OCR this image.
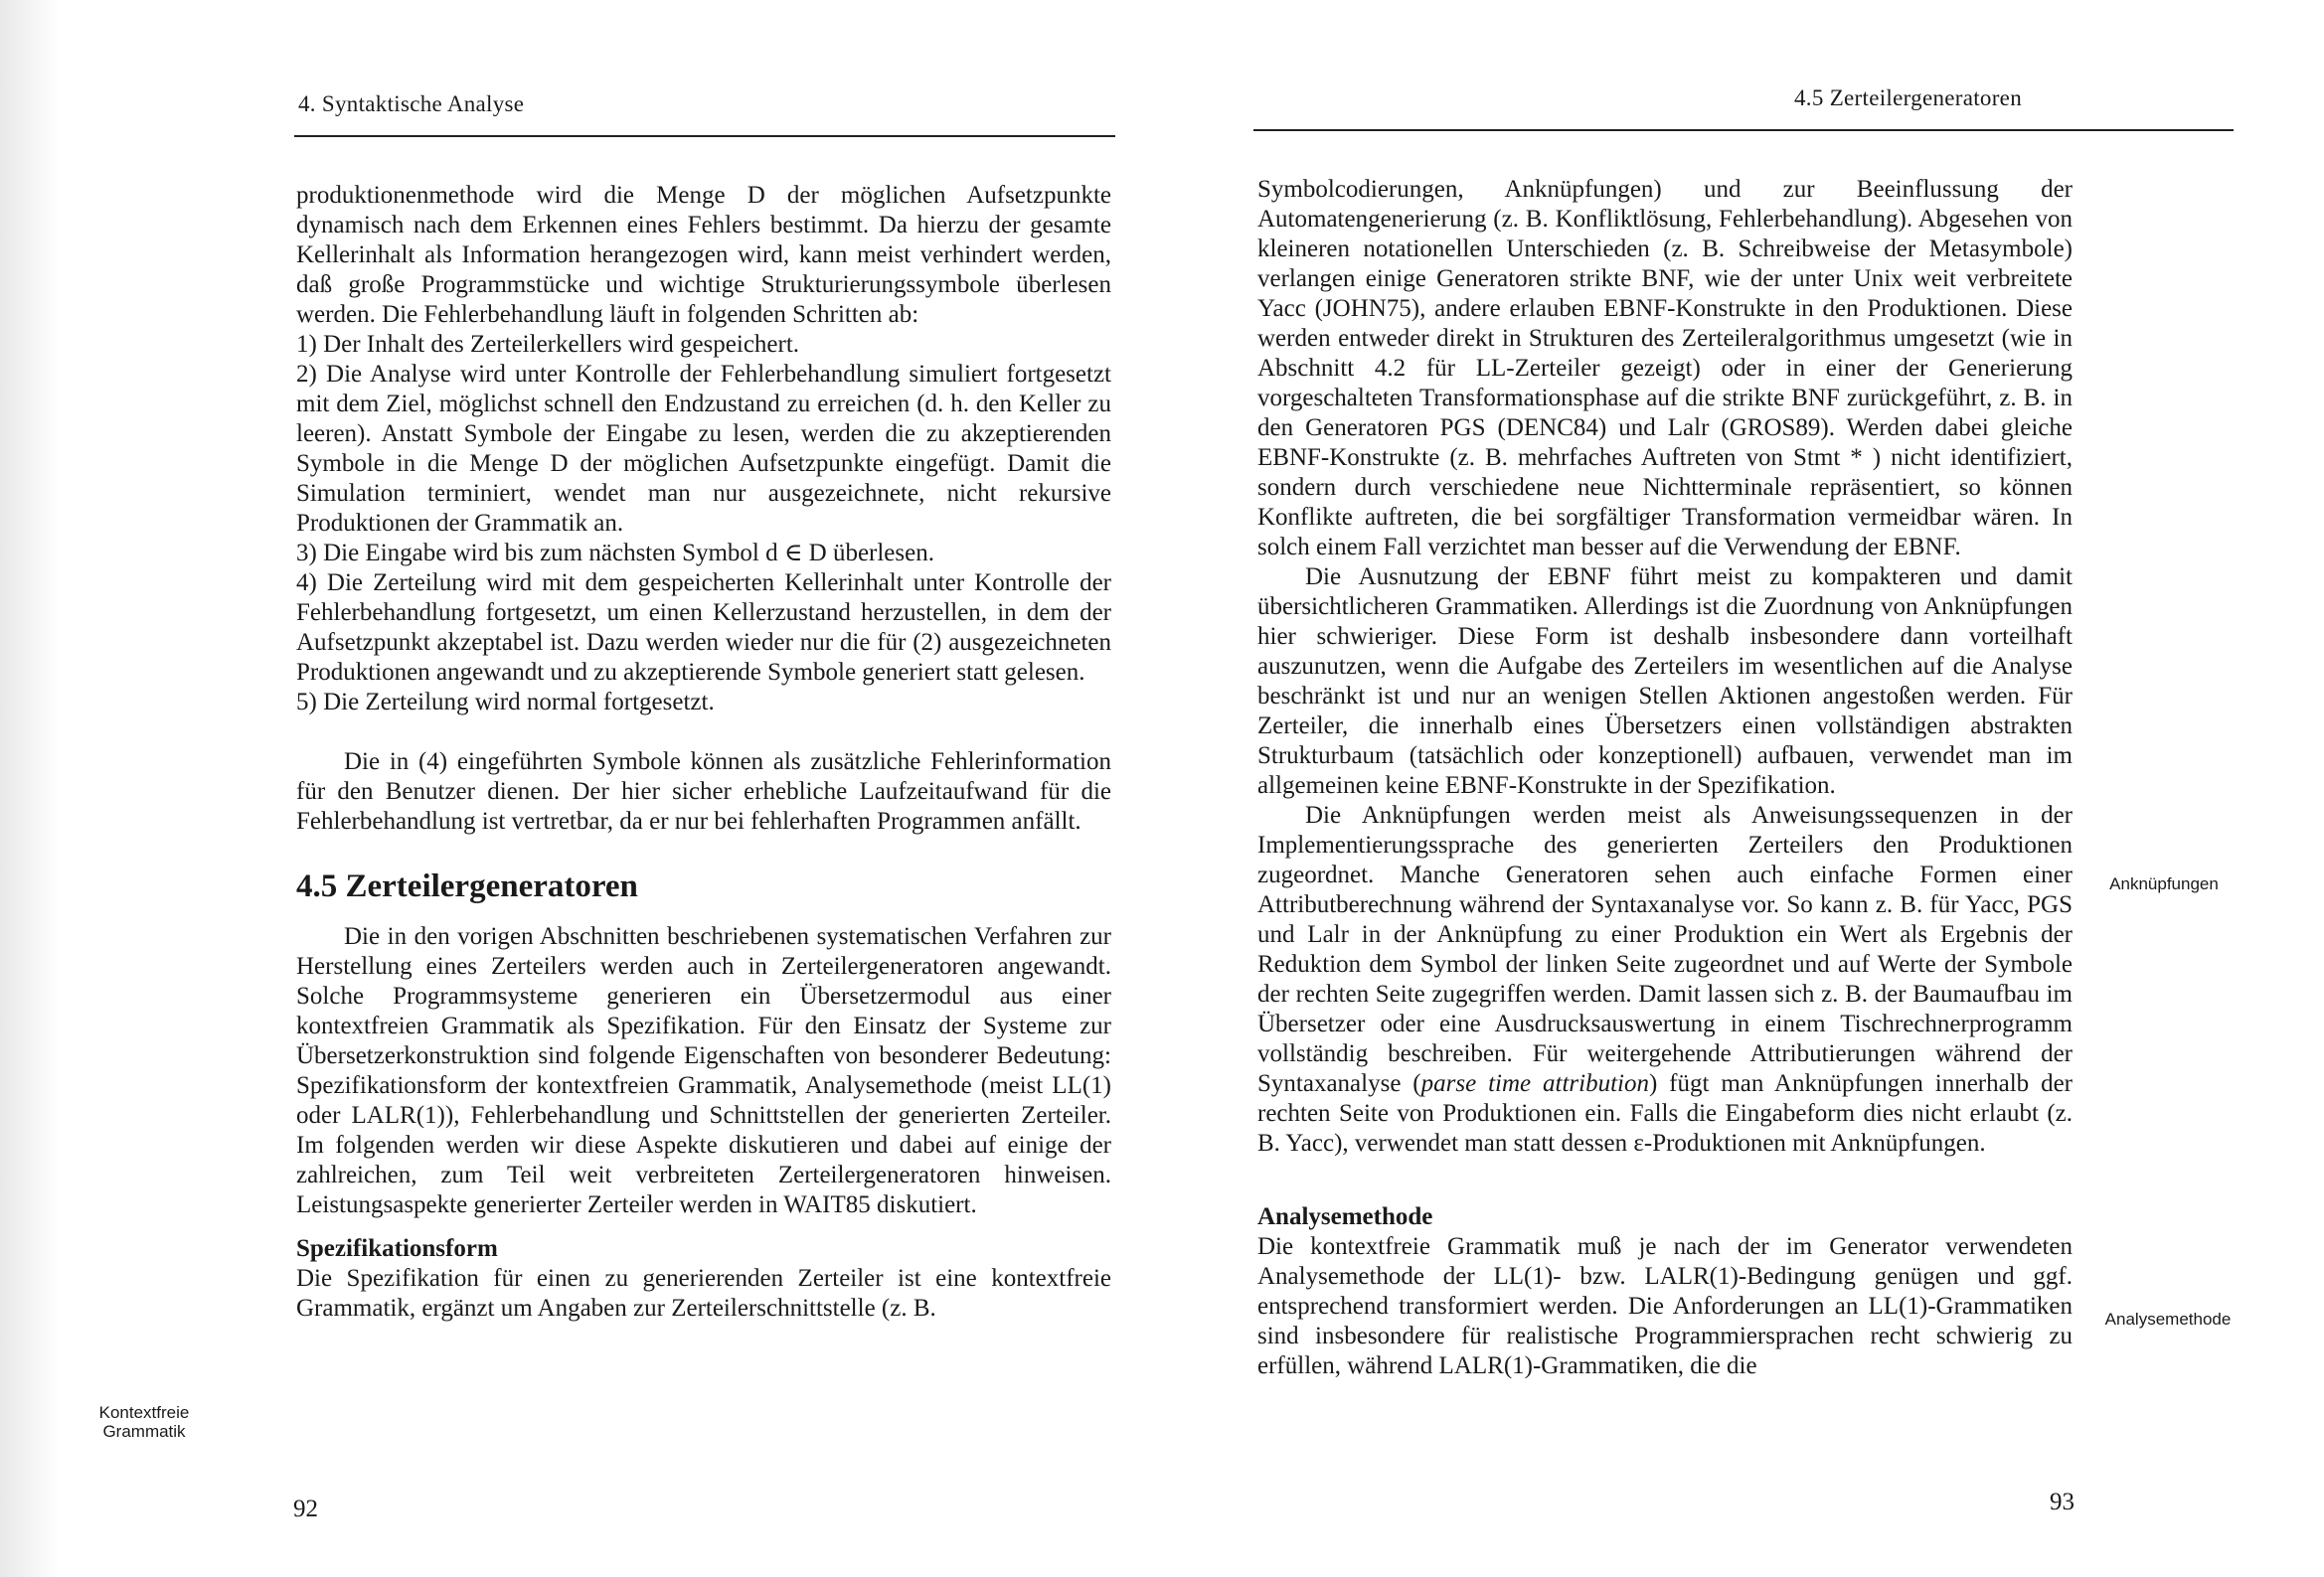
4. Syntaktische Analyse

produktionenmethode wird die Menge D der möglichen Aufsetzpunkte dynamisch nach dem Erkennen eines Fehlers bestimmt. Da hierzu der gesamte Kellerinhalt als Information herangezogen wird, kann meist verhindert werden, daß große Programmstücke und wichtige Strukturierungssymbole überlesen werden. Die Fehlerbehandlung läuft in folgenden Schritten ab:

1) Der Inhalt des Zerteilerkellers wird gespeichert.

2) Die Analyse wird unter Kontrolle der Fehlerbehandlung simuliert fortgesetzt mit dem Ziel, möglichst schnell den Endzustand zu erreichen (d. h. den Keller zu leeren). Anstatt Symbole der Eingabe zu lesen, werden die zu akzeptierenden Symbole in die Menge D der möglichen Aufsetzpunkte eingefügt. Damit die Simulation terminiert, wendet man nur ausgezeichnete, nicht rekursive Produktionen der Grammatik an.

3) Die Eingabe wird bis zum nächsten Symbol d ∈ D überlesen.

4) Die Zerteilung wird mit dem gespeicherten Kellerinhalt unter Kontrolle der Fehlerbehandlung fortgesetzt, um einen Kellerzustand herzustellen, in dem der Aufsetzpunkt akzeptabel ist. Dazu werden wieder nur die für (2) ausgezeichneten Produktionen angewandt und zu akzeptierende Symbole generiert statt gelesen.

5) Die Zerteilung wird normal fortgesetzt.

Die in (4) eingeführten Symbole können als zusätzliche Fehlerinformation für den Benutzer dienen. Der hier sicher erhebliche Laufzeitaufwand für die Fehlerbehandlung ist vertretbar, da er nur bei fehlerhaften Programmen anfällt.

4.5 Zerteilergeneratoren

Die in den vorigen Abschnitten beschriebenen systematischen Verfahren zur Herstellung eines Zerteilers werden auch in Zerteilergeneratoren angewandt. Solche Programmsysteme generieren ein Übersetzermodul aus einer kontextfreien Grammatik als Spezifikation. Für den Einsatz der Systeme zur Übersetzerkonstruktion sind folgende Eigenschaften von besonderer Bedeutung: Spezifikationsform der kontextfreien Grammatik, Analysemethode (meist LL(1) oder LALR(1)), Fehlerbehandlung und Schnittstellen der generierten Zerteiler. Im folgenden werden wir diese Aspekte diskutieren und dabei auf einige der zahlreichen, zum Teil weit verbreiteten Zerteilergeneratoren hinweisen. Leistungsaspekte generierter Zerteiler werden in WAIT85 diskutiert.

Spezifikationsform

Die Spezifikation für einen zu generierenden Zerteiler ist eine kontextfreie Grammatik, ergänzt um Angaben zur Zerteilerschnittstelle (z. B.

Kontextfreie Grammatik
92
4.5 Zerteilergeneratoren

Symbolcodierungen, Anknüpfungen) und zur Beeinflussung der Automatengenerierung (z. B. Konfliktlösung, Fehlerbehandlung). Abgesehen von kleineren notationellen Unterschieden (z. B. Schreibweise der Metasymbole) verlangen einige Generatoren strikte BNF, wie der unter Unix weit verbreitete Yacc (JOHN75), andere erlauben EBNF-Konstrukte in den Produktionen. Diese werden entweder direkt in Strukturen des Zerteileralgorithmus umgesetzt (wie in Abschnitt 4.2 für LL-Zerteiler gezeigt) oder in einer der Generierung vorgeschalteten Transformationsphase auf die strikte BNF zurückgeführt, z. B. in den Generatoren PGS (DENC84) und Lalr (GROS89). Werden dabei gleiche EBNF-Konstrukte (z. B. mehrfaches Auftreten von Stmt * ) nicht identifiziert, sondern durch verschiedene neue Nichtterminale repräsentiert, so können Konflikte auftreten, die bei sorgfältiger Transformation vermeidbar wären. In solch einem Fall verzichtet man besser auf die Verwendung der EBNF.

Die Ausnutzung der EBNF führt meist zu kompakteren und damit übersichtlicheren Grammatiken. Allerdings ist die Zuordnung von Anknüpfungen hier schwieriger. Diese Form ist deshalb insbesondere dann vorteilhaft auszunutzen, wenn die Aufgabe des Zerteilers im wesentlichen auf die Analyse beschränkt ist und nur an wenigen Stellen Aktionen angestoßen werden. Für Zerteiler, die innerhalb eines Übersetzers einen vollständigen abstrakten Strukturbaum (tatsächlich oder konzeptionell) aufbauen, verwendet man im allgemeinen keine EBNF-Konstrukte in der Spezifikation.

Die Anknüpfungen werden meist als Anweisungssequenzen in der Implementierungssprache des generierten Zerteilers den Produktionen zugeordnet. Manche Generatoren sehen auch einfache Formen einer Attributberechnung während der Syntaxanalyse vor. So kann z. B. für Yacc, PGS und Lalr in der Anknüpfung zu einer Produktion ein Wert als Ergebnis der Reduktion dem Symbol der linken Seite zugeordnet und auf Werte der Symbole der rechten Seite zugegriffen werden. Damit lassen sich z. B. der Baumaufbau im Übersetzer oder eine Ausdrucksauswertung in einem Tischrechnerprogramm vollständig beschreiben. Für weitergehende Attributierungen während der Syntaxanalyse (parse time attribution) fügt man Anknüpfungen innerhalb der rechten Seite von Produktionen ein. Falls die Eingabeform dies nicht erlaubt (z. B. Yacc), verwendet man statt dessen ε-Produktionen mit Anknüpfungen.

Analysemethode

Die kontextfreie Grammatik muß je nach der im Generator verwendeten Analysemethode der LL(1)- bzw. LALR(1)-Bedingung genügen und ggf. entsprechend transformiert werden. Die Anforderungen an LL(1)-Grammatiken sind insbesondere für realistische Programmiersprachen recht schwierig zu erfüllen, während LALR(1)-Grammatiken, die die

Anknüpfungen
Analysemethode
93
